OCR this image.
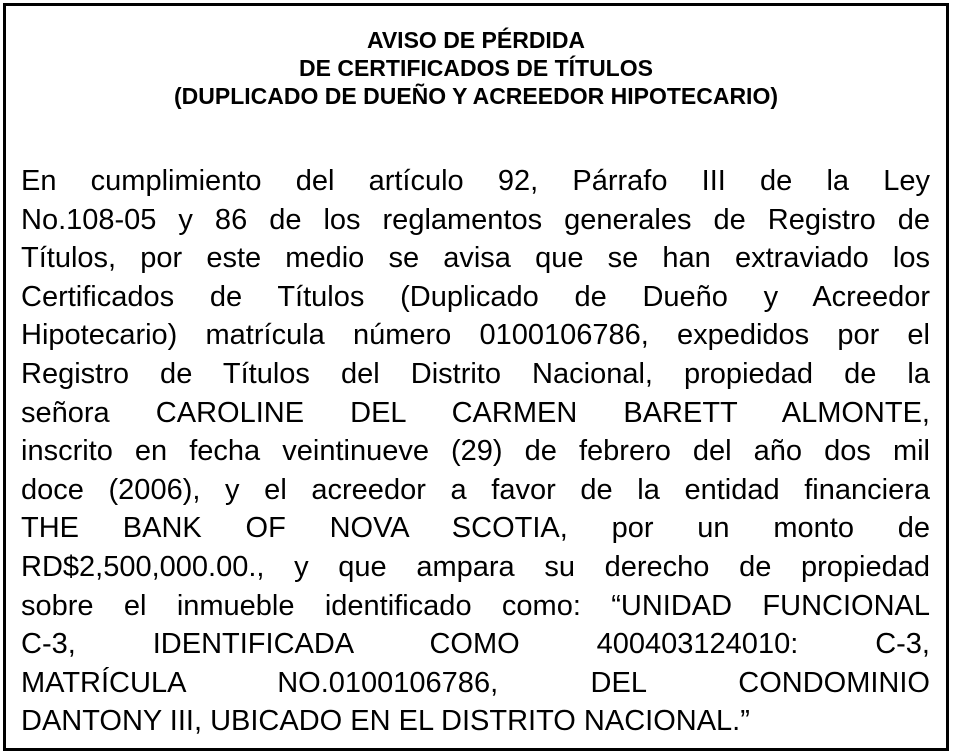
AVISO DE PÉRDIDA
DE CERTIFICADOS DE TÍTULOS
(DUPLICADO DE DUEÑO Y ACREEDOR HIPOTECARIO)
En cumplimiento del artículo 92, Párrafo III de la Ley
No.108-05 y 86 de los reglamentos generales de Registro de
Títulos, por este medio se avisa que se han extraviado los
Certificados de Títulos (Duplicado de Dueño y Acreedor
Hipotecario) matrícula número 0100106786, expedidos por el
Registro de Títulos del Distrito Nacional, propiedad de la
señora CAROLINE DEL CARMEN BARETT ALMONTE,
inscrito en fecha veintinueve (29) de febrero del año dos mil
doce (2006), y el acreedor a favor de la entidad financiera
THE BANK OF NOVA SCOTIA, por un monto de
RD$2,500,000.00., y que ampara su derecho de propiedad
sobre el inmueble identificado como: “UNIDAD FUNCIONAL
C-3, IDENTIFICADA COMO 400403124010: C-3,
MATRÍCULA NO.0100106786, DEL CONDOMINIO
DANTONY III, UBICADO EN EL DISTRITO NACIONAL.”
